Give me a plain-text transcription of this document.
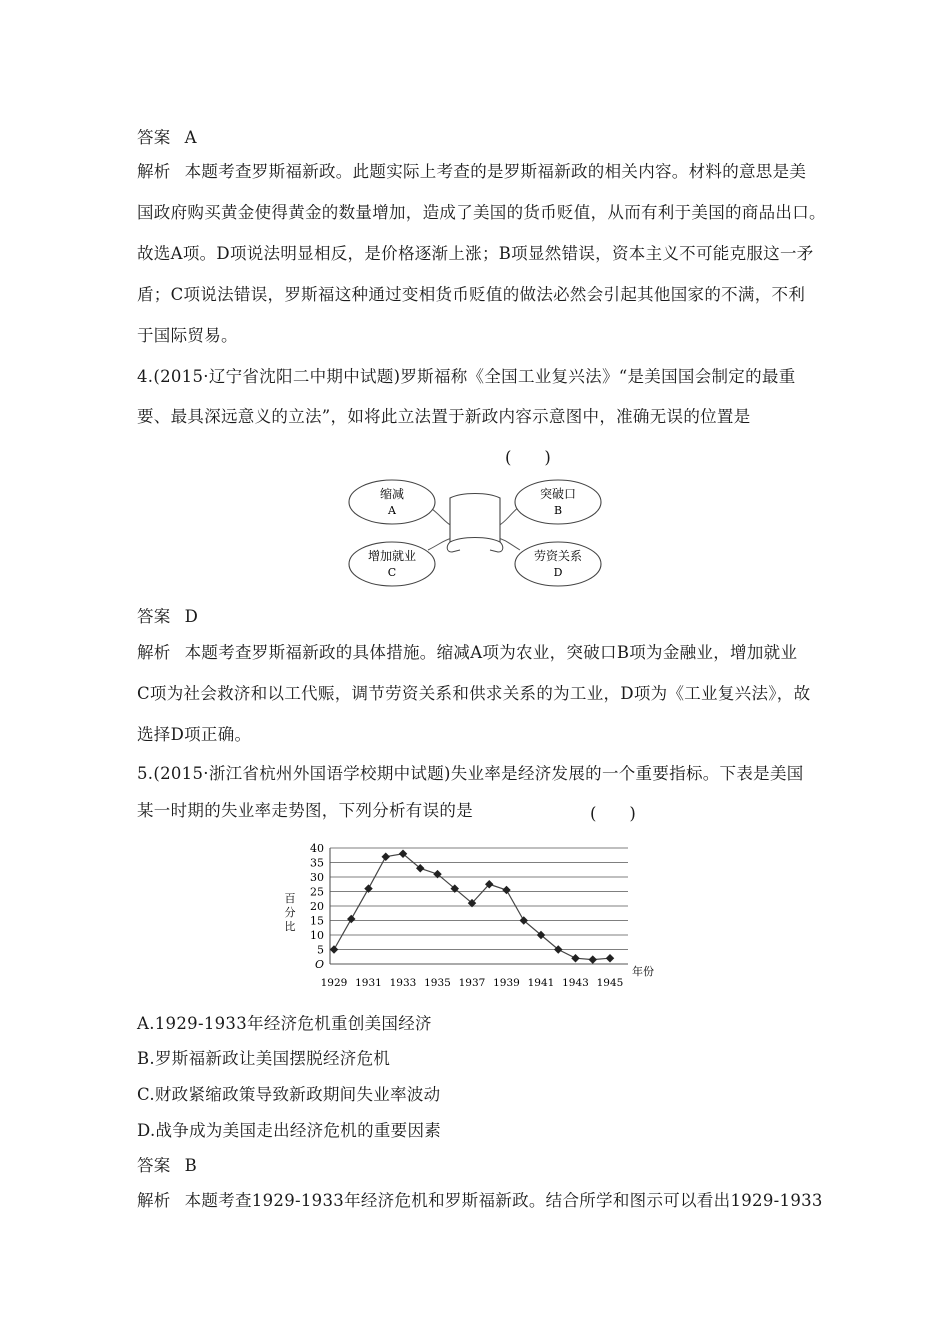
答案 A
解析 本题考查罗斯福新政。此题实际上考查的是罗斯福新政的相关内容。材料的意思是美
国政府购买黄金使得黄金的数量增加，造成了美国的货币贬值，从而有利于美国的商品出口。
故选A项。D项说法明显相反，是价格逐渐上涨；B项显然错误，资本主义不可能克服这一矛
盾；C项说法错误，罗斯福这种通过变相货币贬值的做法必然会引起其他国家的不满，不利
于国际贸易。
4.(2015·辽宁省沈阳二中期中试题)罗斯福称《全国工业复兴法》“是美国国会制定的最重
要、最具深远意义的立法”，如将此立法置于新政内容示意图中，准确无误的位置是
(　　)
缩减
A
突破口
B
增加就业
C
劳资关系
D
答案 D
解析 本题考查罗斯福新政的具体措施。缩减A项为农业，突破口B项为金融业，增加就业
C项为社会救济和以工代赈，调节劳资关系和供求关系的为工业，D项为《工业复兴法》，故
选择D项正确。
5.(2015·浙江省杭州外国语学校期中试题)失业率是经济发展的一个重要指标。下表是美国
某一时期的失业率走势图，下列分析有误的是	(　　)
40
35
30
25
20
15
10
5
O
1929 1931 1933 1935 1937 1939 1941 1943 1945
百
分
比
年份
A.1929-1933年经济危机重创美国经济
B.罗斯福新政让美国摆脱经济危机
C.财政紧缩政策导致新政期间失业率波动
D.战争成为美国走出经济危机的重要因素
答案 B
解析 本题考查1929-1933年经济危机和罗斯福新政。结合所学和图示可以看出1929-1933
